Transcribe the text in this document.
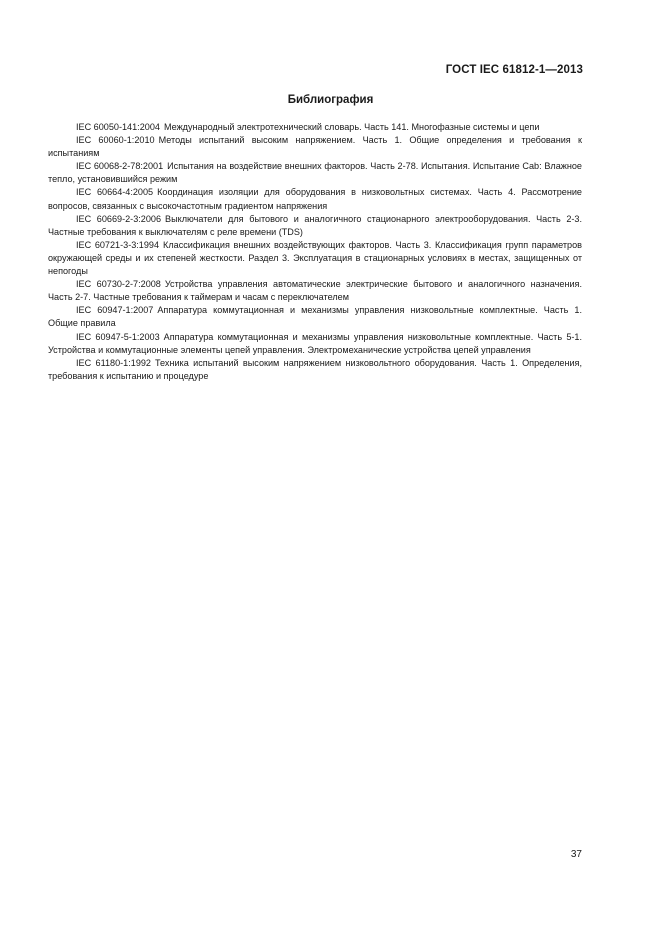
ГОСТ IEC 61812-1—2013
Библиография
IEC 60050-141:2004 Международный электротехнический словарь. Часть 141. Многофазные системы и цепи
IEC 60060-1:2010 Методы испытаний высоким напряжением. Часть 1. Общие определения и требования к испытаниям
IEC 60068-2-78:2001 Испытания на воздействие внешних факторов. Часть 2-78. Испытания. Испытание Cab: Влажное тепло, установившийся режим
IEC 60664-4:2005 Координация изоляции для оборудования в низковольтных системах. Часть 4. Рассмотрение вопросов, связанных с высокочастотным градиентом напряжения
IEC 60669-2-3:2006 Выключатели для бытового и аналогичного стационарного электрооборудования. Часть 2-3. Частные требования к выключателям с реле времени (TDS)
IEC 60721-3-3:1994 Классификация внешних воздействующих факторов. Часть 3. Классификация групп параметров окружающей среды и их степеней жесткости. Раздел 3. Эксплуатация в стационарных условиях в местах, защищенных от непогоды
IEC 60730-2-7:2008 Устройства управления автоматические электрические бытового и аналогичного назначения. Часть 2-7. Частные требования к таймерам и часам с переключателем
IEC 60947-1:2007 Аппаратура коммутационная и механизмы управления низковольтные комплектные. Часть 1. Общие правила
IEC 60947-5-1:2003 Аппаратура коммутационная и механизмы управления низковольтные комплектные. Часть 5-1. Устройства и коммутационные элементы цепей управления. Электромеханические устройства цепей управления
IEC 61180-1:1992 Техника испытаний высоким напряжением низковольтного оборудования. Часть 1. Определения, требования к испытанию и процедуре
37
